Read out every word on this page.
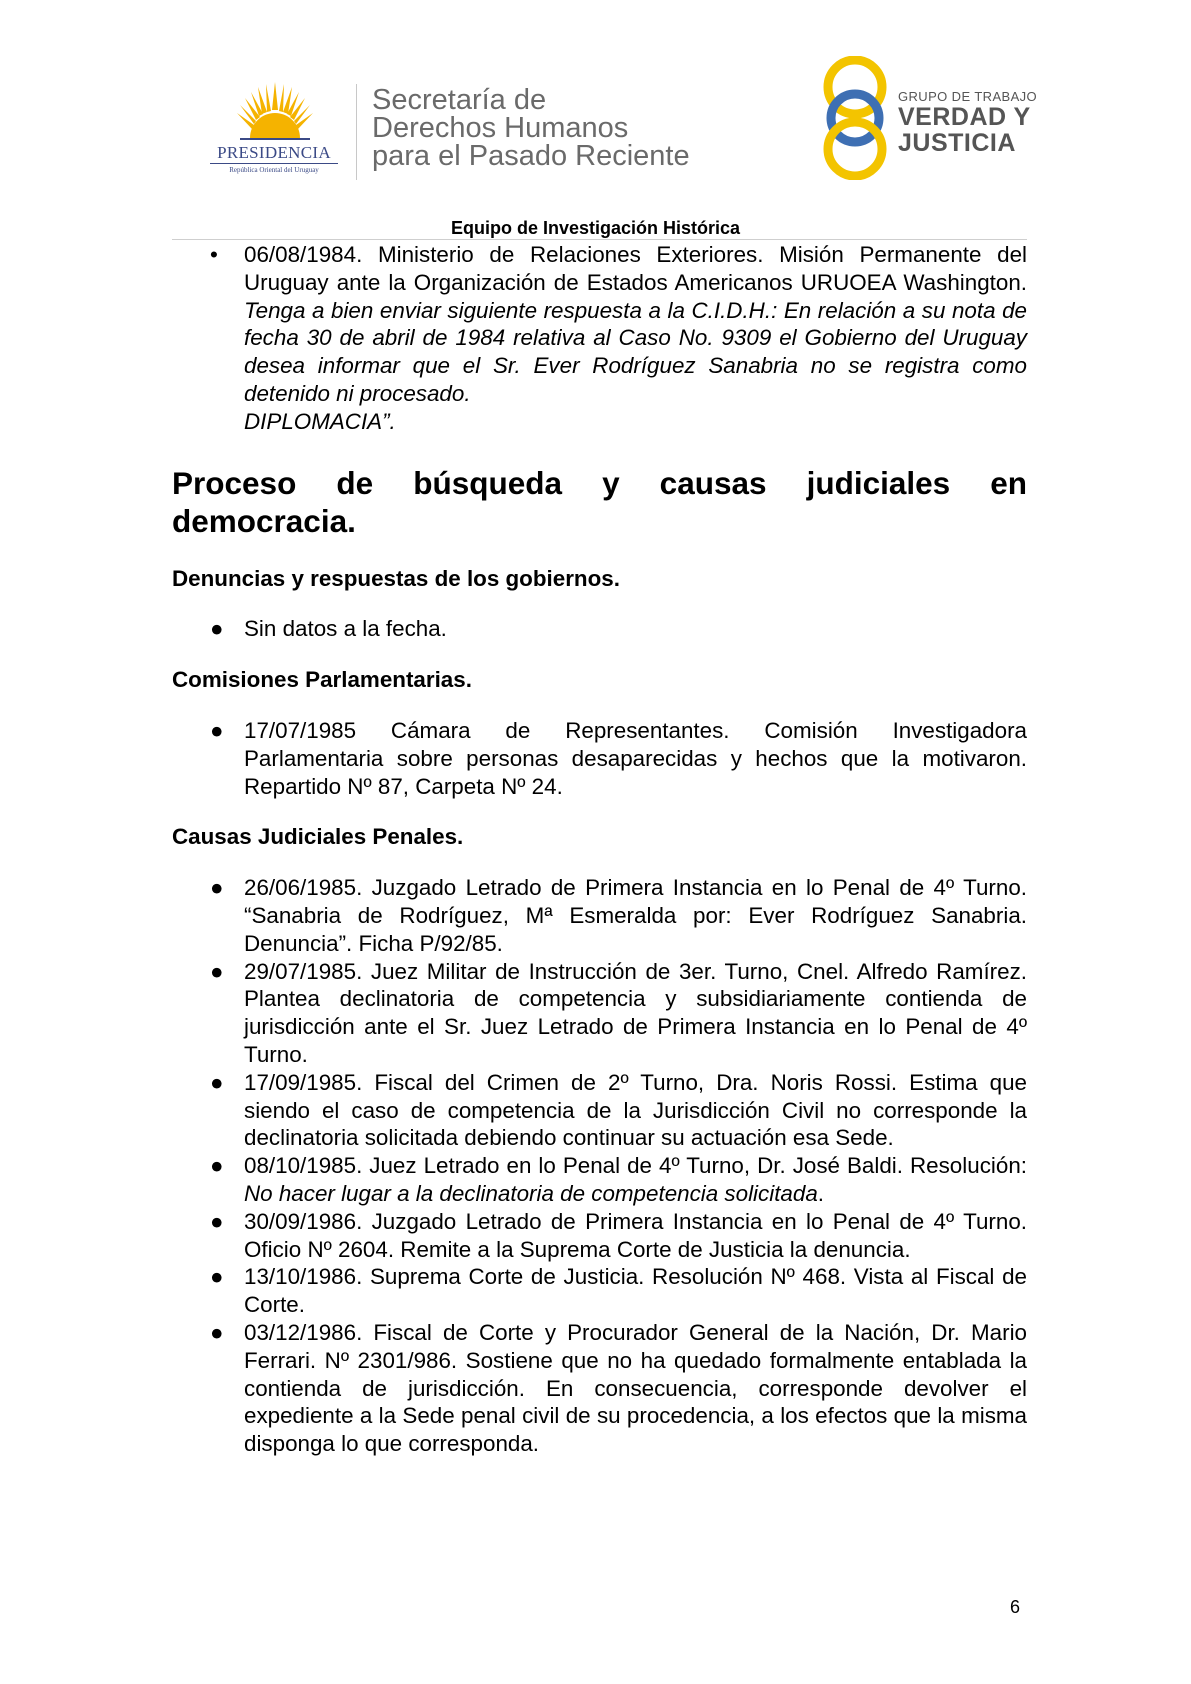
PRESIDENCIA
República Oriental del Uruguay
Secretaría de
Derechos Humanos
para el Pasado Reciente
GRUPO DE TRABAJO
VERDAD Y
JUSTICIA
Equipo de Investigación Histórica
• 06/08/1984. Ministerio de Relaciones Exteriores. Misión Permanente del Uruguay ante la Organización de Estados Americanos URUOEA Washington. Tenga a bien enviar siguiente respuesta a la C.I.D.H.: En relación a su nota de fecha 30 de abril de 1984 relativa al Caso No. 9309 el Gobierno del Uruguay desea informar que el Sr. Ever Rodríguez Sanabria no se registra como detenido ni procesado.
DIPLOMACIA”.
Proceso de búsqueda y causas judiciales en democracia.
Denuncias y respuestas de los gobiernos.
● Sin datos a la fecha.
Comisiones Parlamentarias.
● 17/07/1985 Cámara de Representantes. Comisión Investigadora Parlamentaria sobre personas desaparecidas y hechos que la motivaron. Repartido Nº 87, Carpeta Nº 24.
Causas Judiciales Penales.
● 26/06/1985. Juzgado Letrado de Primera Instancia en lo Penal de 4º Turno. “Sanabria de Rodríguez, Mª Esmeralda por: Ever Rodríguez Sanabria. Denuncia”. Ficha P/92/85.
● 29/07/1985. Juez Militar de Instrucción de 3er. Turno, Cnel. Alfredo Ramírez. Plantea declinatoria de competencia y subsidiariamente contienda de jurisdicción ante el Sr. Juez Letrado de Primera Instancia en lo Penal de 4º Turno.
● 17/09/1985. Fiscal del Crimen de 2º Turno, Dra. Noris Rossi. Estima que siendo el caso de competencia de la Jurisdicción Civil no corresponde la declinatoria solicitada debiendo continuar su actuación esa Sede.
● 08/10/1985. Juez Letrado en lo Penal de 4º Turno, Dr. José Baldi. Resolución: No hacer lugar a la declinatoria de competencia solicitada.
● 30/09/1986. Juzgado Letrado de Primera Instancia en lo Penal de 4º Turno. Oficio Nº 2604. Remite a la Suprema Corte de Justicia la denuncia.
● 13/10/1986. Suprema Corte de Justicia. Resolución Nº 468. Vista al Fiscal de Corte.
● 03/12/1986. Fiscal de Corte y Procurador General de la Nación, Dr. Mario Ferrari. Nº 2301/986. Sostiene que no ha quedado formalmente entablada la contienda de jurisdicción. En consecuencia, corresponde devolver el expediente a la Sede penal civil de su procedencia, a los efectos que la misma disponga lo que corresponda.
6
